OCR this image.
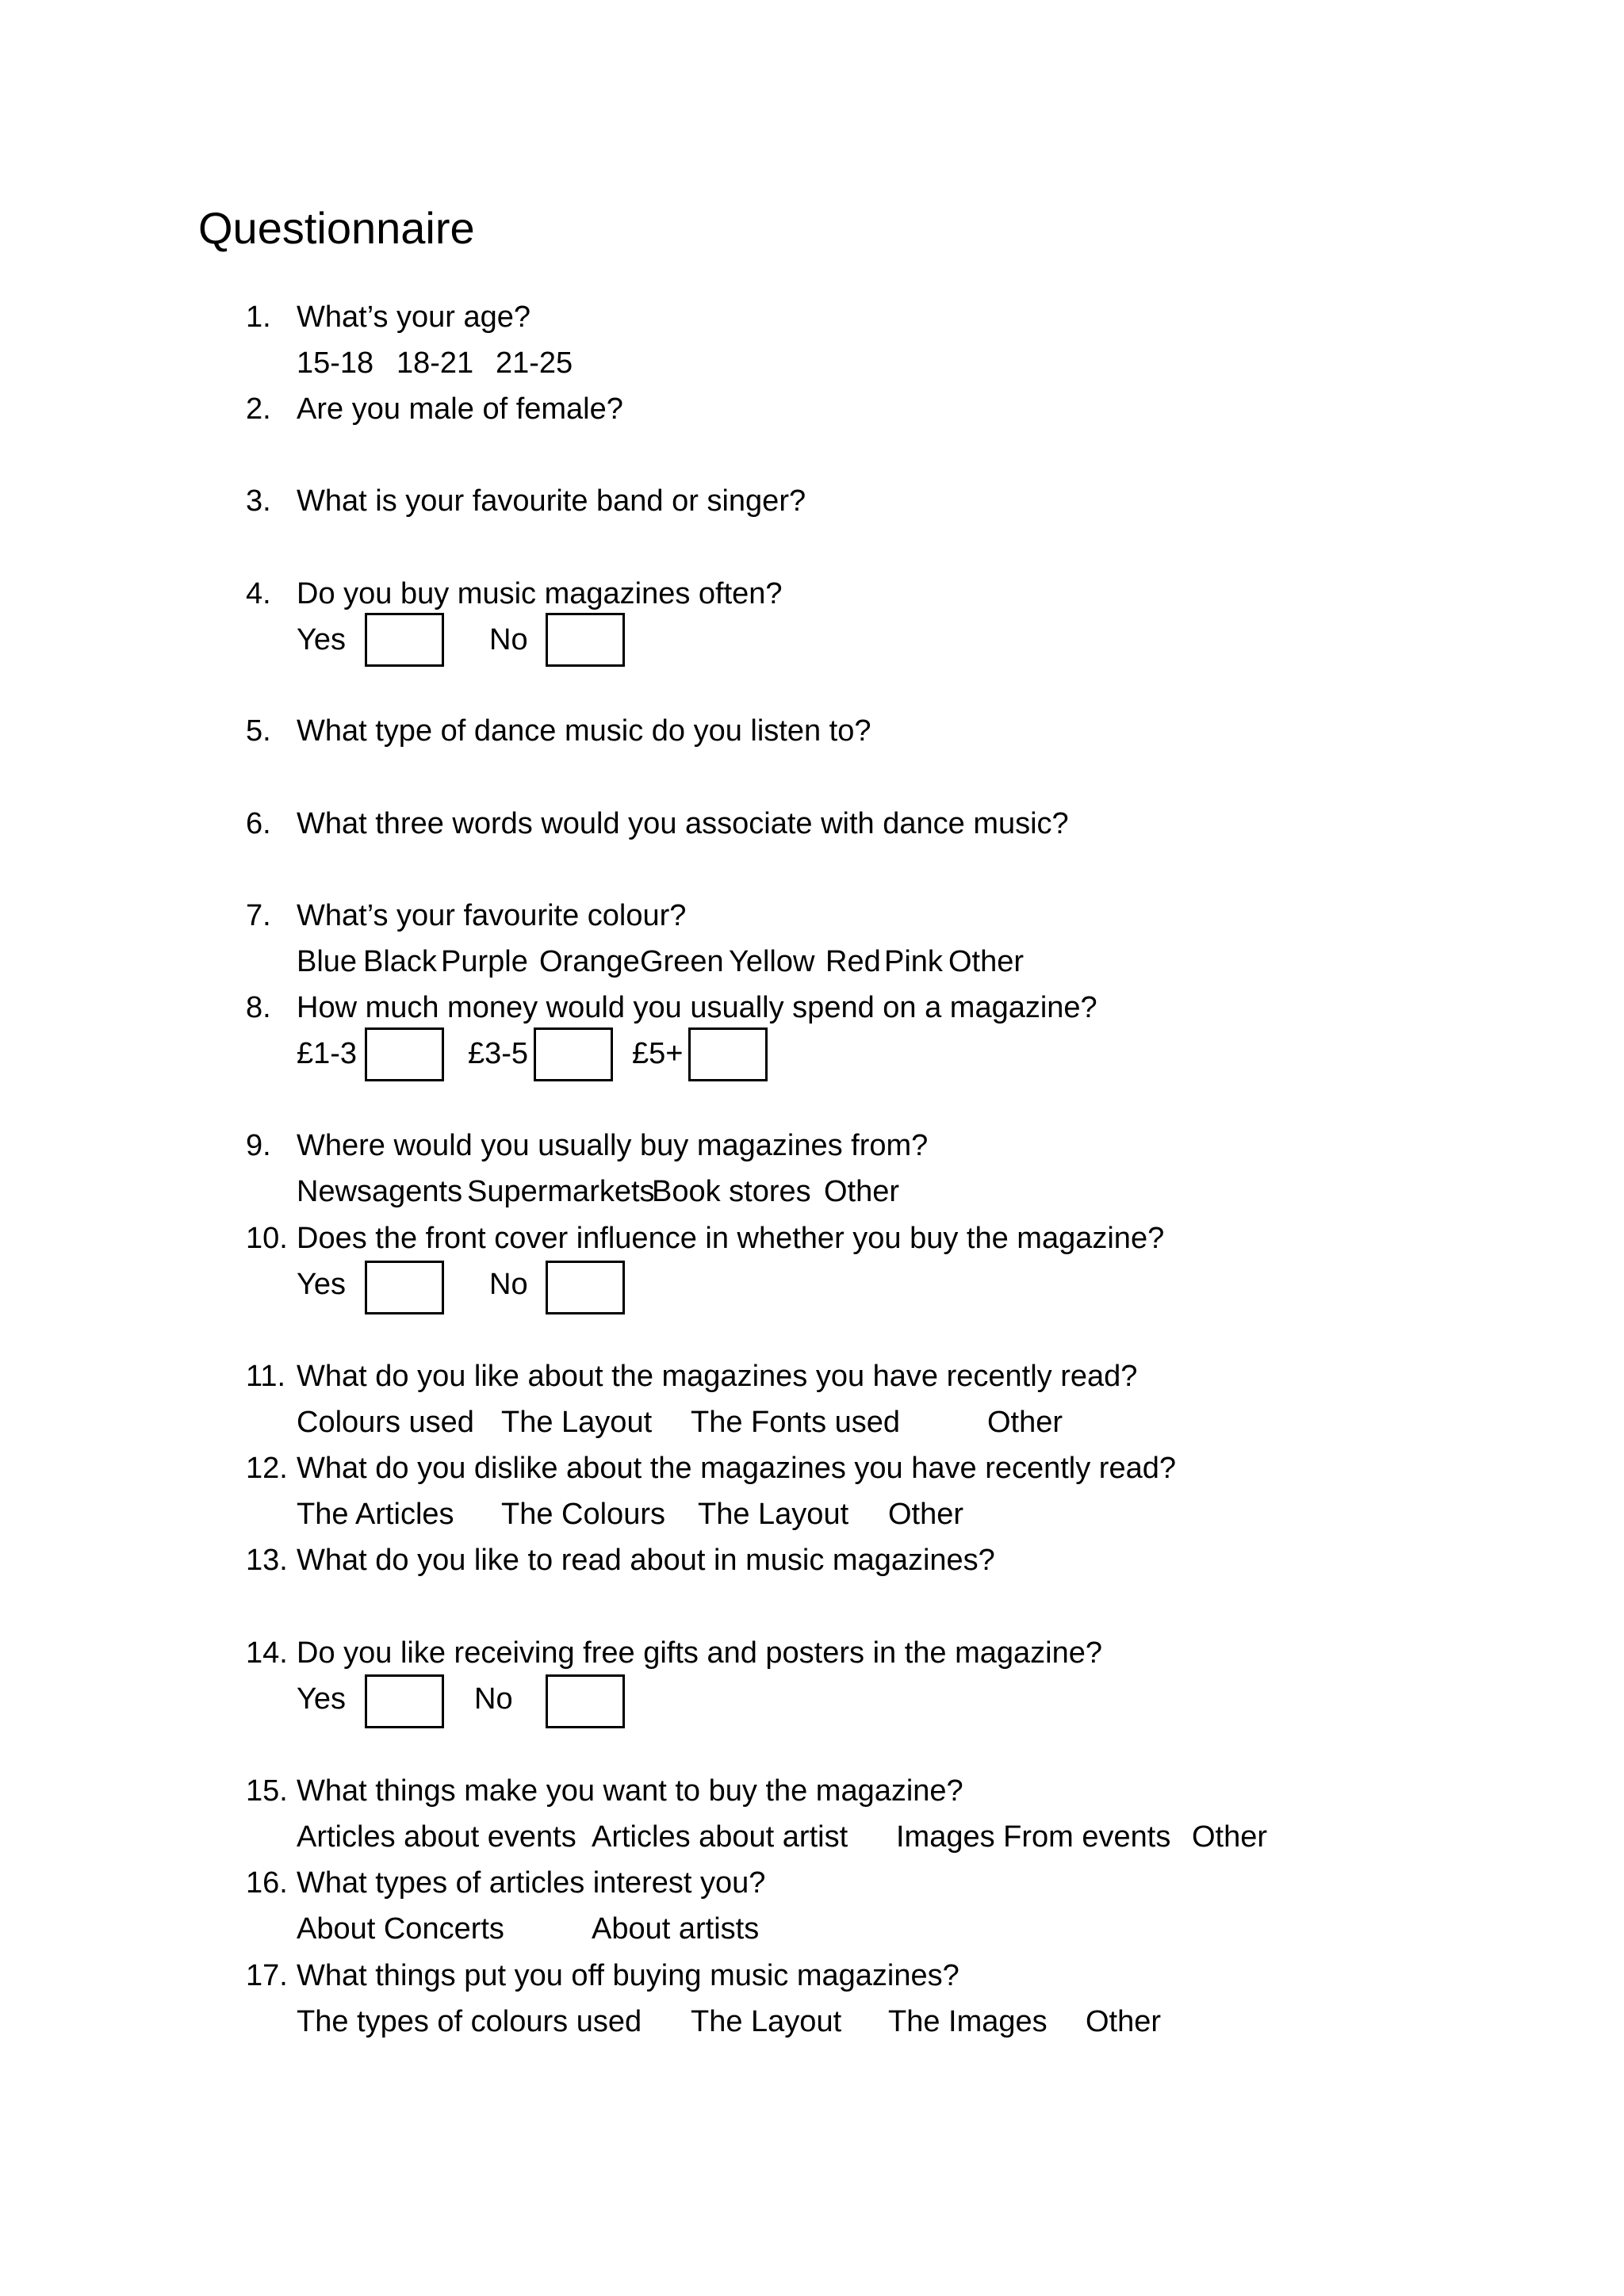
Questionnaire
1. What’s your age?
15-18 18-21 21-25
2. Are you male of female?
3. What is your favourite band or singer?
4. Do you buy music magazines often?
Yes	No
5. What type of dance music do you listen to?
6. What three words would you associate with dance music?
7. What’s your favourite colour?
Blue Black Purple Orange Green Yellow Red Pink Other
8. How much money would you usually spend on a magazine?
£1-3	£3-5	£5+
9. Where would you usually buy magazines from?
Newsagents Supermarkets
Book stores Other
10. Does the front cover influence in whether you buy the magazine?
Yes	No
11. What do you like about the magazines you have recently read?
Colours used The Layout The Fonts used	Other
12. What do you dislike about the magazines you have recently read?
The Articles The Colours The Layout Other
13. What do you like to read about in music magazines?
14. Do you like receiving free gifts and posters in the magazine?
Yes	No
15. What things make you want to buy the magazine?
Articles about events Articles about artist Images From events Other
16. What types of articles interest you?
About Concerts	About artists
17. What things put you off buying music magazines?
The types of colours used The Layout The Images Other
